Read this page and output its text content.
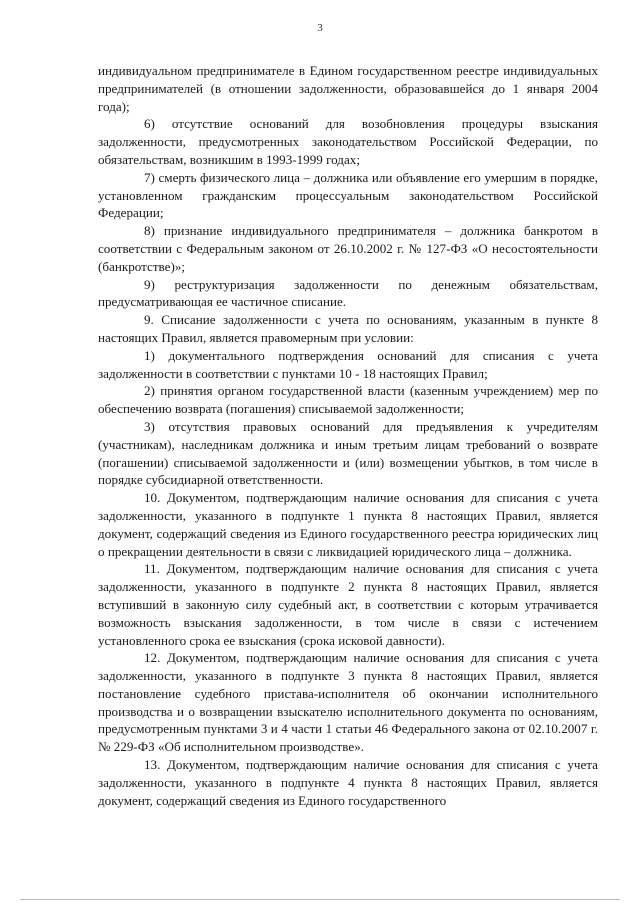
3

индивидуальном предпринимателе в Едином государственном реестре индивидуальных предпринимателей (в отношении задолженности, образовавшейся до 1 января 2004 года);

6) отсутствие оснований для возобновления процедуры взыскания задолженности, предусмотренных законодательством Российской Федерации, по обязательствам, возникшим в 1993-1999 годах;

7) смерть физического лица – должника или объявление его умершим в порядке, установленном гражданским процессуальным законодательством Российской Федерации;

8) признание индивидуального предпринимателя – должника банкротом в соответствии с Федеральным законом от 26.10.2002 г. № 127-ФЗ «О несостоятельности (банкротстве)»;

9) реструктуризация задолженности по денежным обязательствам, предусматривающая ее частичное списание.

9. Списание задолженности с учета по основаниям, указанным в пункте 8 настоящих Правил, является правомерным при условии:

1) документального подтверждения оснований для списания с учета задолженности в соответствии с пунктами 10 - 18 настоящих Правил;

2) принятия органом государственной власти (казенным учреждением) мер по обеспечению возврата (погашения) списываемой задолженности;

3) отсутствия правовых оснований для предъявления к учредителям (участникам), наследникам должника и иным третьим лицам требований о возврате (погашении) списываемой задолженности и (или) возмещении убытков, в том числе в порядке субсидиарной ответственности.

10. Документом, подтверждающим наличие основания для списания с учета задолженности, указанного в подпункте 1 пункта 8 настоящих Правил, является документ, содержащий сведения из Единого государственного реестра юридических лиц о прекращении деятельности в связи с ликвидацией юридического лица – должника.

11. Документом, подтверждающим наличие основания для списания с учета задолженности, указанного в подпункте 2 пункта 8 настоящих Правил, является вступивший в законную силу судебный акт, в соответствии с которым утрачивается возможность взыскания задолженности, в том числе в связи с истечением установленного срока ее взыскания (срока исковой давности).

12. Документом, подтверждающим наличие основания для списания с учета задолженности, указанного в подпункте 3 пункта 8 настоящих Правил, является постановление судебного пристава-исполнителя об окончании исполнительного производства и о возвращении взыскателю исполнительного документа по основаниям, предусмотренным пунктами 3 и 4 части 1 статьи 46 Федерального закона от 02.10.2007 г. № 229-ФЗ «Об исполнительном производстве».

13. Документом, подтверждающим наличие основания для списания с учета задолженности, указанного в подпункте 4 пункта 8 настоящих Правил, является документ, содержащий сведения из Единого государственного
